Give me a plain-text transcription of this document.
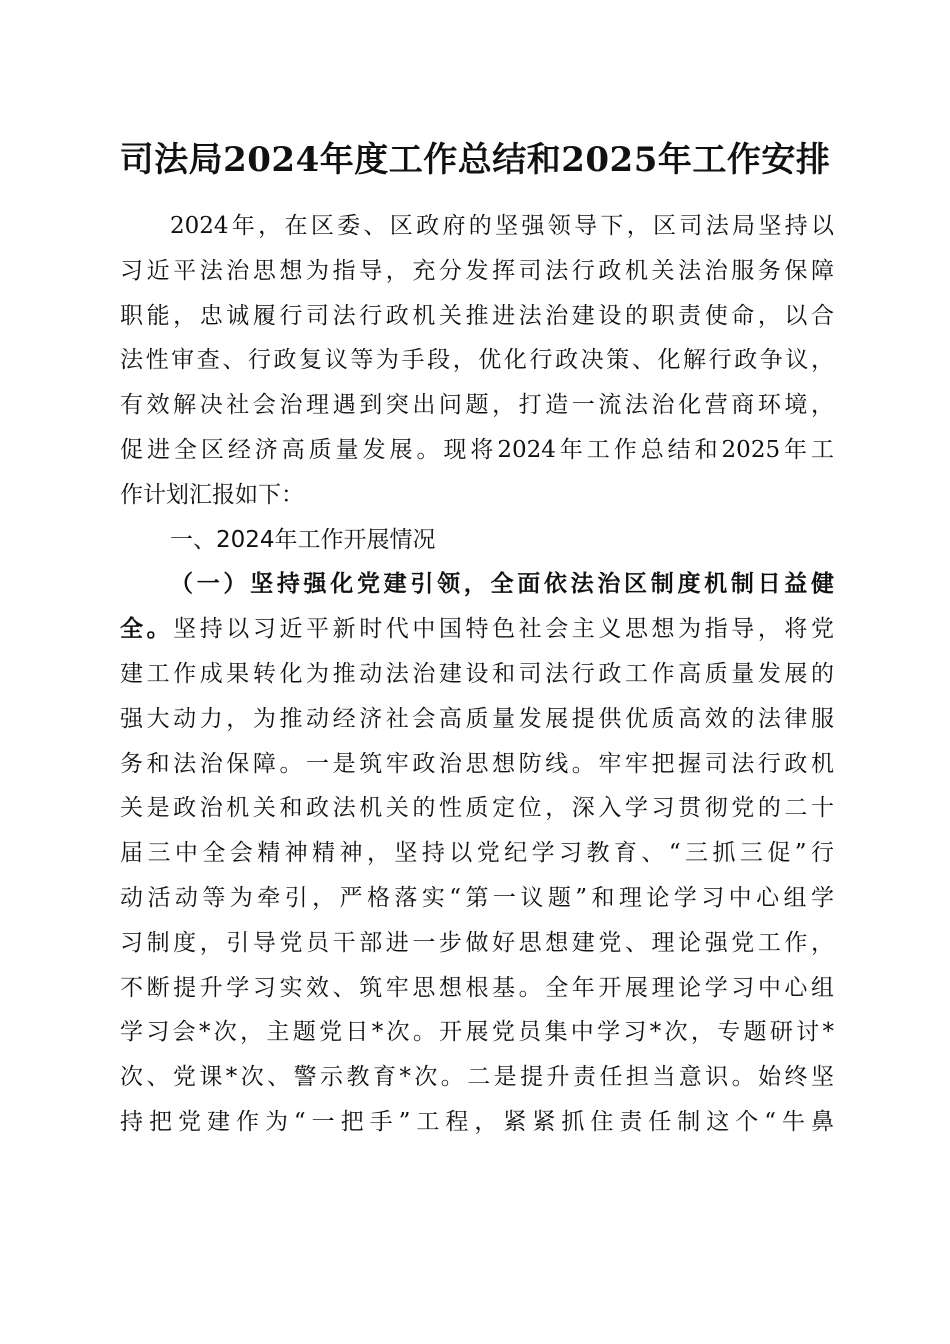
司法局2024年度工作总结和2025年工作安排
2024年，在区委、区政府的坚强领导下，区司法局坚持以
习近平法治思想为指导，充分发挥司法行政机关法治服务保障
职能，忠诚履行司法行政机关推进法治建设的职责使命，以合
法性审查、行政复议等为手段，优化行政决策、化解行政争议，
有效解决社会治理遇到突出问题，打造一流法治化营商环境，
促进全区经济高质量发展。现将2024年工作总结和2025年工
作计划汇报如下：
一、2024年工作开展情况
（一）坚持强化党建引领，全面依法治区制度机制日益健
全。坚持以习近平新时代中国特色社会主义思想为指导，将党
建工作成果转化为推动法治建设和司法行政工作高质量发展的
强大动力，为推动经济社会高质量发展提供优质高效的法律服
务和法治保障。一是筑牢政治思想防线。牢牢把握司法行政机
关是政治机关和政法机关的性质定位，深入学习贯彻党的二十
届三中全会精神精神，坚持以党纪学习教育、“三抓三促”行
动活动等为牵引，严格落实“第一议题”和理论学习中心组学
习制度，引导党员干部进一步做好思想建党、理论强党工作，
不断提升学习实效、筑牢思想根基。全年开展理论学习中心组
学习会*次，主题党日*次。开展党员集中学习*次，专题研讨*
次、党课*次、警示教育*次。二是提升责任担当意识。始终坚
持把党建作为“一把手”工程，紧紧抓住责任制这个“牛鼻
